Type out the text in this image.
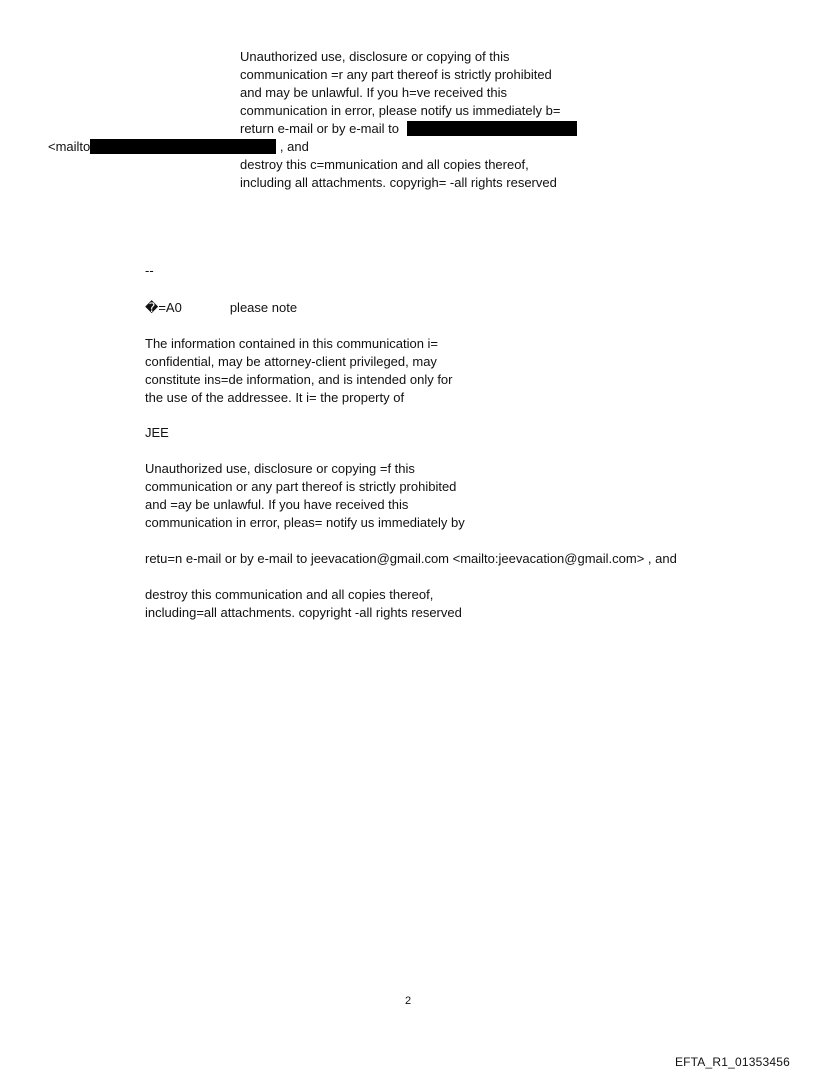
Unauthorized use, disclosure or copying of this
communication =r any part thereof is strictly prohibited
and may be unlawful. If you h=ve received this
communication in error, please notify us immediately b=
return e-mail or by e-mail to
<mailto	, and
destroy this c=mmunication and all copies thereof,
including all attachments. copyrigh= -all rights reserved
--
�=A0	please note
The information contained in this communication i=
confidential, may be attorney-client privileged, may
constitute ins=de information, and is intended only for
the use of the addressee. It i= the property of
JEE
Unauthorized use, disclosure or copying =f this
communication or any part thereof is strictly prohibited
and =ay be unlawful. If you have received this
communication in error, pleas= notify us immediately by
retu=n e-mail or by e-mail to jeevacation@gmail.com <mailto:jeevacation@gmail.com> , and
destroy this communication and all copies thereof,
including=all attachments. copyright -all rights reserved
2
EFTA_R1_01353456
